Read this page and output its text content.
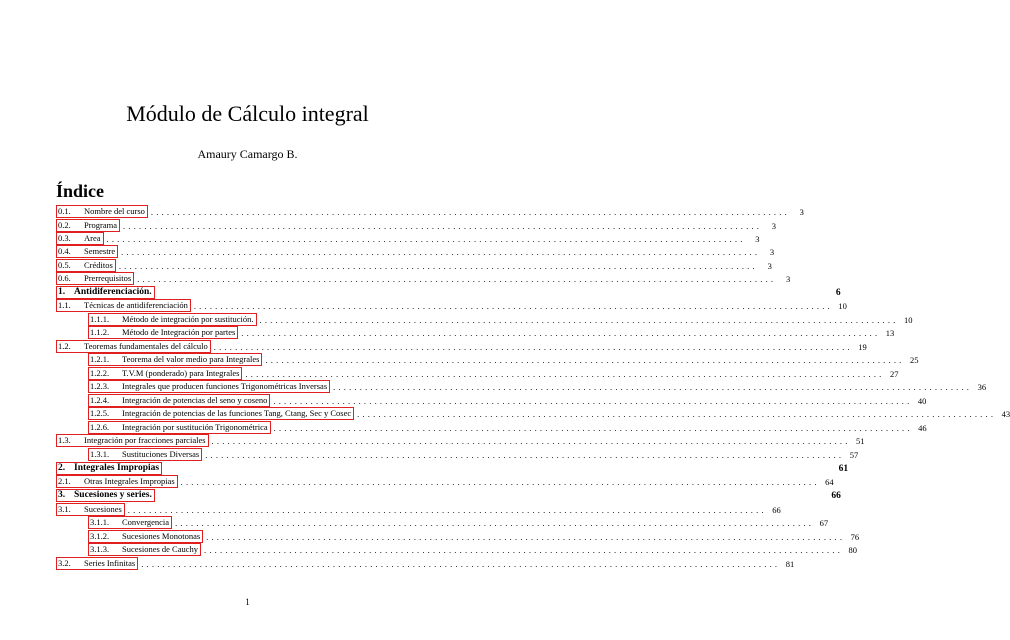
Módulo de Cálculo integral
Amaury Camargo B.
Índice
0.1.	Nombre del curso ........................................................................................................................	3
0.2.	Programa ........................................................................................................................	3
0.3.	Area ........................................................................................................................	3
0.4.	Semestre ........................................................................................................................	3
0.5.	Créditos ........................................................................................................................	3
0.6.	Prerrequisitos ........................................................................................................................	3
1. Antidiferenciación.	6
1.1.	Técnicas de antidiferenciación ........................................................................................................................ 10
1.1.1.	Método de integración por sustitución. ........................................................................................................................ 10
1.1.2.	Método de Integración por partes ........................................................................................................................ 13
1.2.	Teoremas fundamentales del cálculo ........................................................................................................................ 19
1.2.1.	Teorema del valor medio para Integrales ........................................................................................................................ 25
1.2.2.	T.V.M (ponderado) para Integrales ........................................................................................................................ 27
1.2.3.	Integrales que producen funciones Trigonométricas Inversas ........................................................................................................................ 36
1.2.4.	Integración de potencias del seno y coseno ........................................................................................................................ 40
1.2.5.	Integración de potencias de las funciones Tang, Ctang, Sec y Cosec ........................................................................................................................ 43
1.2.6.	Integración por sustitución Trigonométrica ........................................................................................................................ 46
1.3.	Integración por fracciones parciales ........................................................................................................................ 51
1.3.1.	Sustituciones Diversas ........................................................................................................................ 57
2. Integrales Impropias	61
2.1.	Otras Integrales Impropias ........................................................................................................................ 64
3. Sucesiones y series.	66
3.1.	Sucesiones ........................................................................................................................ 66
3.1.1.	Convergencia ........................................................................................................................ 67
3.1.2.	Sucesiones Monotonas ........................................................................................................................ 76
3.1.3.	Sucesiones de Cauchy ........................................................................................................................ 80
3.2.	Series Infinitas ........................................................................................................................ 81
1
